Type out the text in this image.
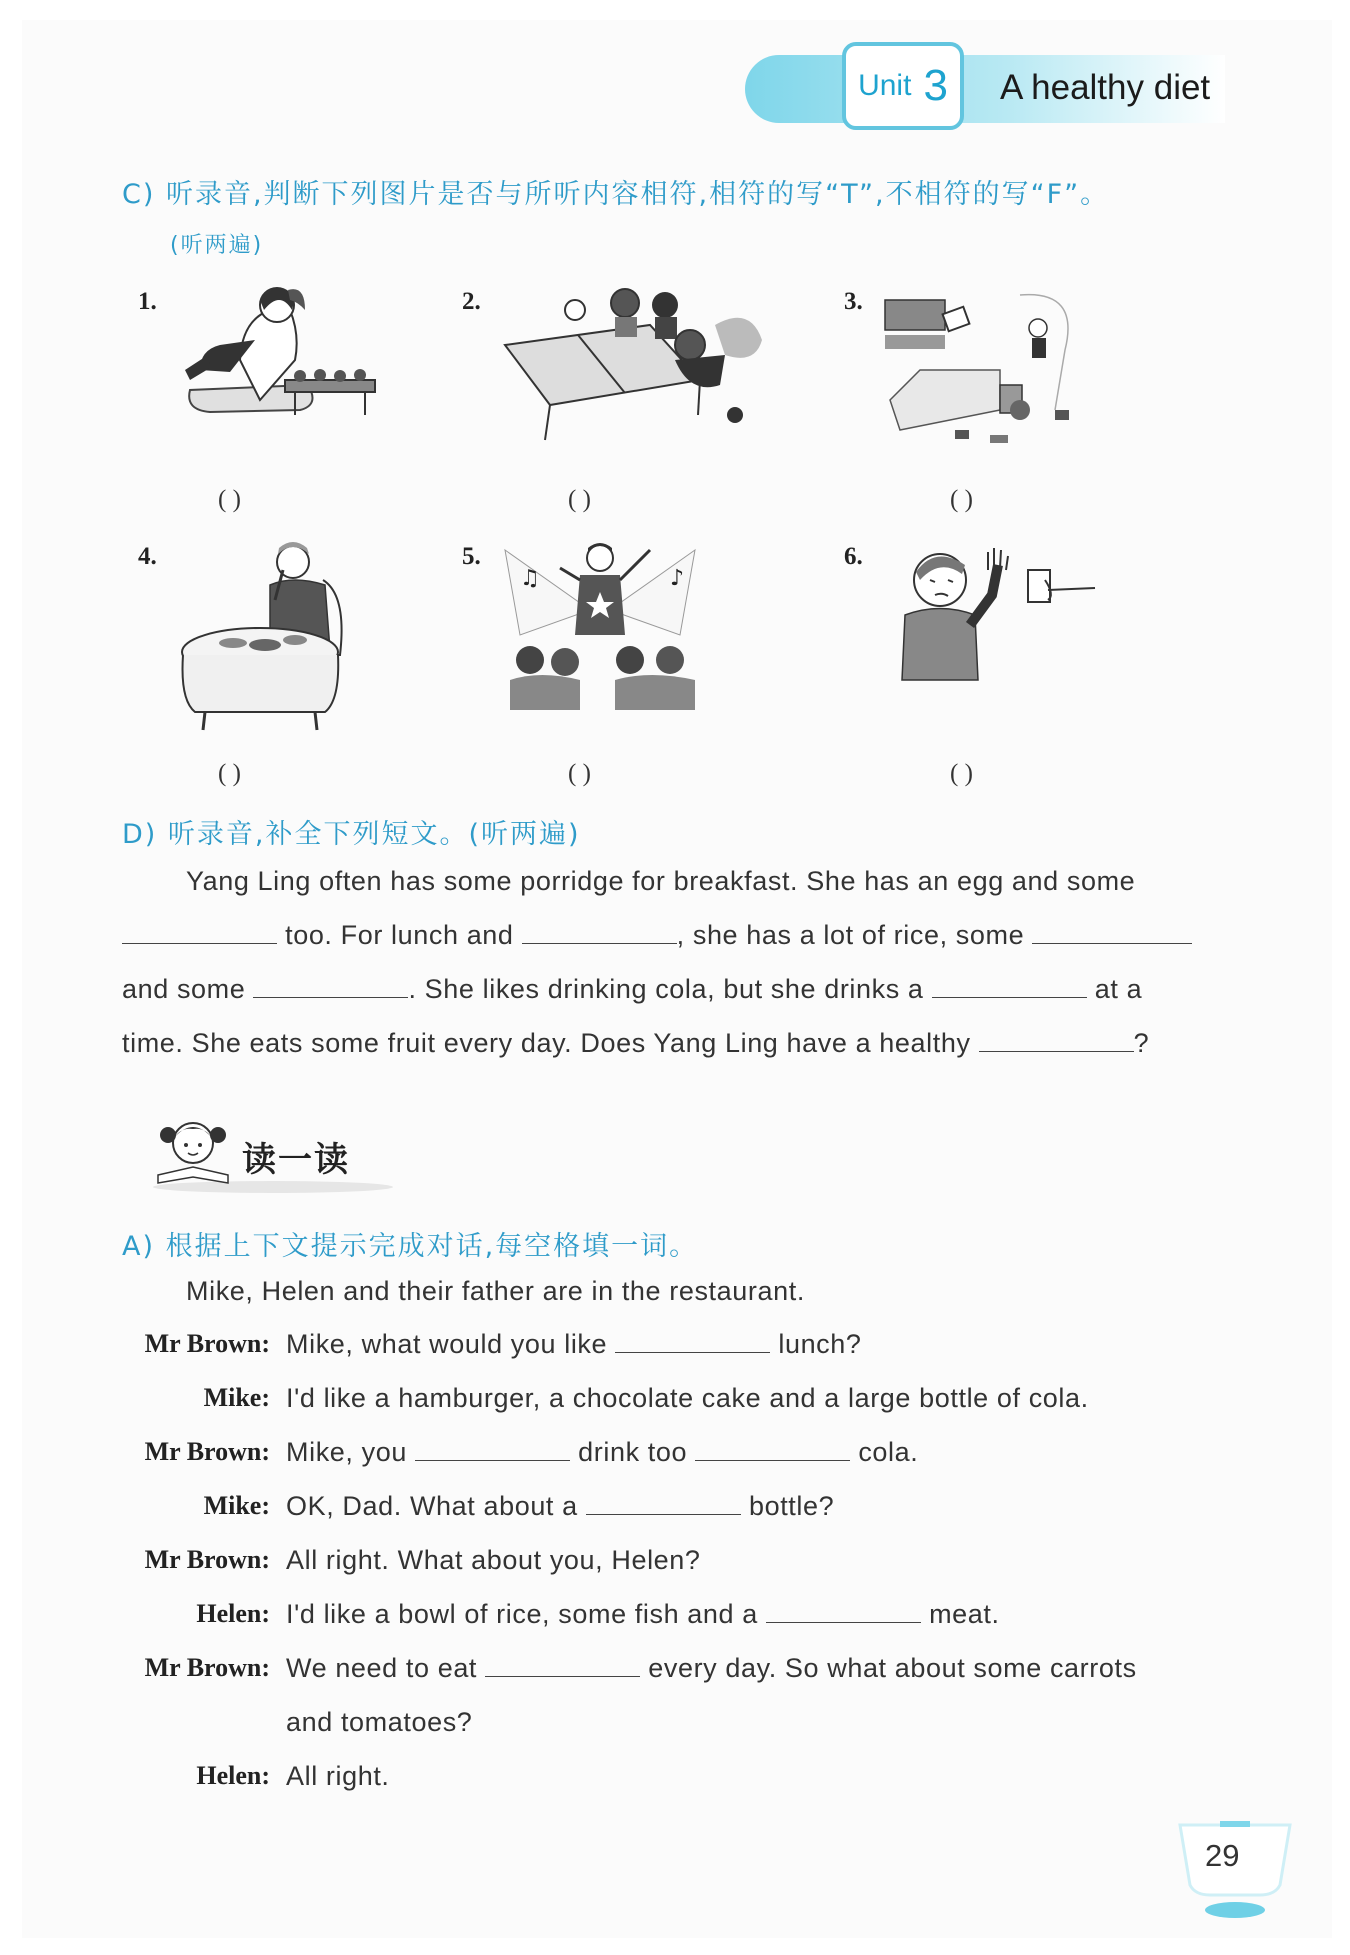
Unit 3 A healthy diet
C) 听录音,判断下列图片是否与所听内容相符,相符的写“T”,不相符的写“F”。
(听两遍)
1.	2.	3.
4.	5.	6.
♫	♪
( )	( )	( )
( )	( )	( )
D) 听录音,补全下列短文。(听两遍)
Yang Ling often has some porridge for breakfast. She has an egg and some
too. For lunch and	, she has a lot of rice, some
and some	. She likes drinking cola, but she drinks a	at a
time. She eats some fruit every day. Does Yang Ling have a healthy	?
读一读
A) 根据上下文提示完成对话,每空格填一词。
Mike, Helen and their father are in the restaurant.
Mr Brown: Mike, what would you like	lunch?
Mike: I'd like a hamburger, a chocolate cake and a large bottle of cola.
Mr Brown: Mike, you	drink too	cola.
Mike: OK, Dad. What about a	bottle?
Mr Brown: All right. What about you, Helen?
Helen: I'd like a bowl of rice, some fish and a	meat.
Mr Brown: We need to eat	every day. So what about some carrots
and tomatoes?
Helen: All right.
29
